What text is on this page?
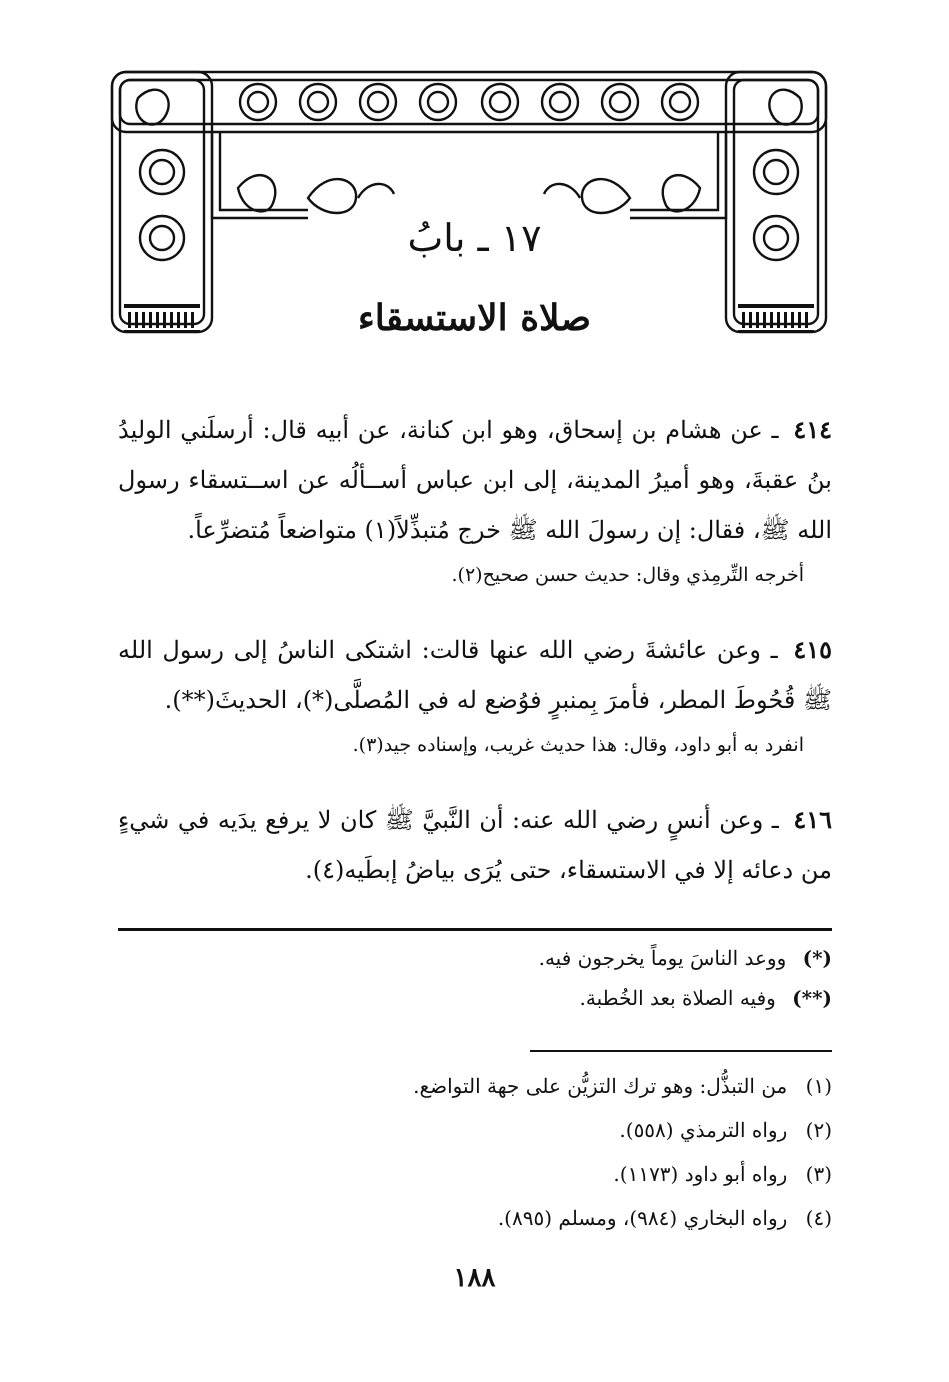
١٧ ـ بابُ
صلاة الاستسقاء

٤١٤ ـ عن هشام بن إسحاق، وهو ابن كنانة، عن أبيه قال: أرسلَني الوليدُ بنُ عقبةَ، وهو أميرُ المدينة، إلى ابن عباس أســألُه عن اســتسقاء رسول الله ﷺ، فقال: إن رسولَ الله ﷺ خرج مُتبذِّلاً(١) متواضعاً مُتضرِّعاً.

أخرجه التِّرمِذي وقال: حديث حسن صحيح(٢).

٤١٥ ـ وعن عائشةَ رضي الله عنها قالت: اشتكى الناسُ إلى رسول الله ﷺ قُحُوطَ المطر، فأمرَ بِمنبرٍ فوُضع له في المُصلَّى(*)، الحديثَ(**).

انفرد به أبو داود، وقال: هذا حديث غريب، وإسناده جيد(٣).

٤١٦ ـ وعن أنسٍ رضي الله عنه: أن النَّبيَّ ﷺ كان لا يرفع يدَيه في شيءٍ من دعائه إلا في الاستسقاء، حتى يُرَى بياضُ إبطَيه(٤).

(*) ووعد الناسَ يوماً يخرجون فيه.
(**) وفيه الصلاة بعد الخُطبة.
(١) من التبذُّل: وهو ترك التزيُّن على جهة التواضع.
(٢) رواه الترمذي (٥٥٨).
(٣) رواه أبو داود (١١٧٣).
(٤) رواه البخاري (٩٨٤)، ومسلم (٨٩٥).
١٨٨
